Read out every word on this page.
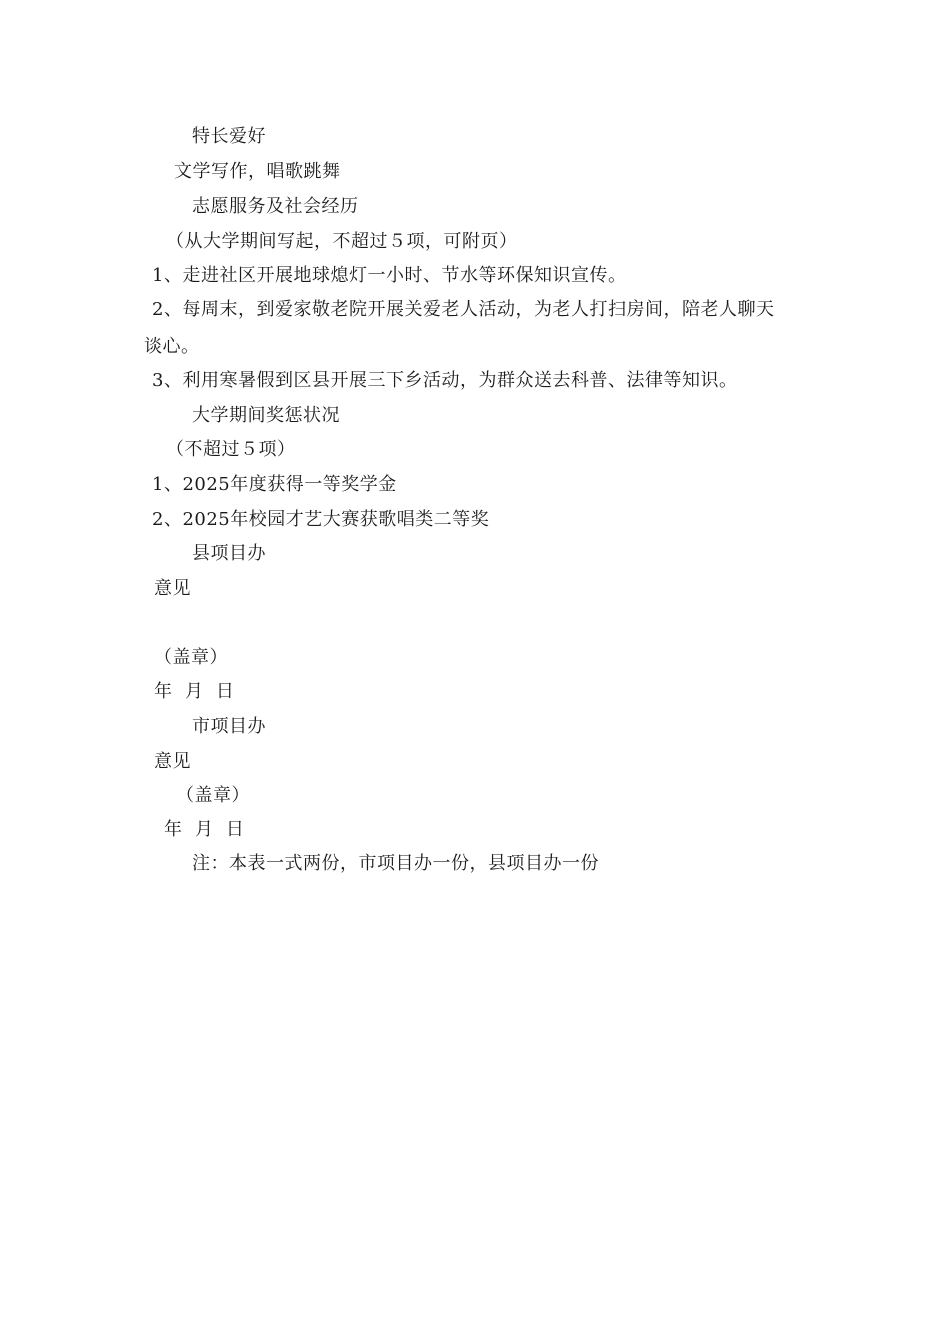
特长爱好
文学写作，唱歌跳舞
志愿服务及社会经历
（从大学期间写起，不超过５项，可附页）
1、走进社区开展地球熄灯一小时、节水等环保知识宣传。
2、每周末，到爱家敬老院开展关爱老人活动，为老人打扫房间，陪老人聊天
谈心。
3、利用寒暑假到区县开展三下乡活动，为群众送去科普、法律等知识。
大学期间奖惩状况
（不超过５项）
1、2025年度获得一等奖学金
2、2025年校园才艺大赛获歌唱类二等奖
县项目办
意见
（盖章）
年  月  日
市项目办
意见
（盖章）
年  月  日
注：本表一式两份，市项目办一份，县项目办一份
